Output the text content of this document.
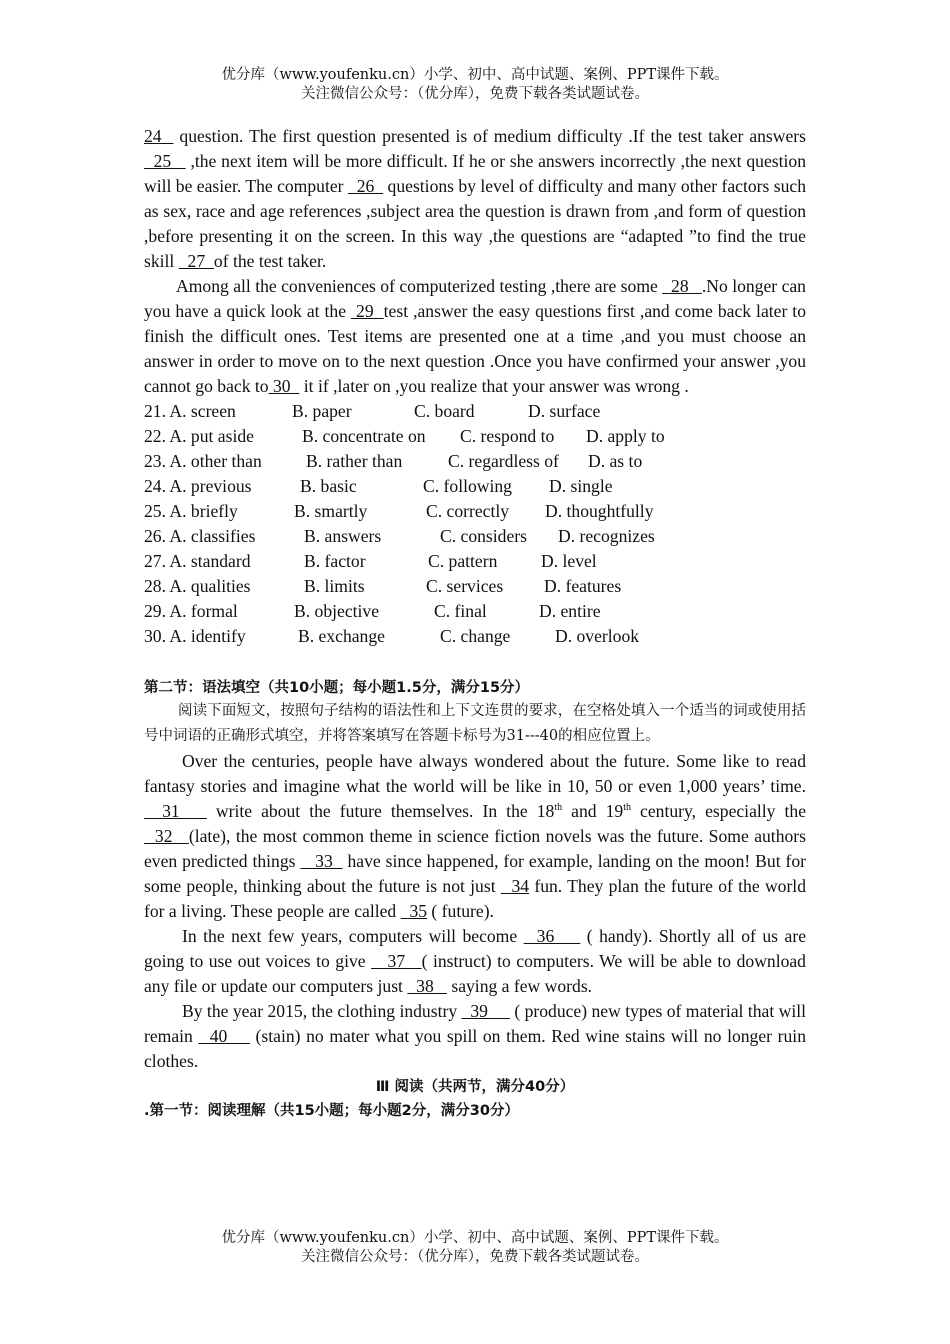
优分库（www.youfenku.cn）小学、初中、高中试题、案例、PPT课件下载。
关注微信公众号：（优分库），免费下载各类试题试卷。

24   question. The first question presented is of medium difficulty .If the test taker answers   25    ,the next item will be more difficult. If he or she answers incorrectly ,the next question will be easier. The computer   26   questions by level of difficulty and many other factors such as sex, race and age references ,subject area the question is drawn from ,and form of question ,before presenting it on the screen. In this way ,the questions are “adapted ”to find the true skill   27  of the test taker.

Among all the conveniences of computerized testing ,there are some   28   .No longer can you have a quick look at the  29  test ,answer the easy questions first ,and come back later to finish the difficult ones. Test items are presented one at a time ,and you must choose an answer in order to move on to the next question .Once you have confirmed your answer ,you cannot go back to 30   it if ,later on ,you realize that your answer was wrong .

21. A. screen	B. paper	C. board	D. surface
22. A. put aside	B. concentrate on C. respond to D. apply to
23. A. other than	B. rather than	C. regardless of D. as to
24. A. previous	B. basic	C. following D. single
25. A. briefly	B. smartly	C. correctly D. thoughtfully
26. A. classifies	B. answers	C. considers D. recognizes
27. A. standard	B. factor	C. pattern D. level
28. A. qualities	B. limits	C. services D. features
29. A. formal	B. objective	C. final	D. entire
30. A. identify	B. exchange	C. change	D. overlook
第二节：语法填空（共10小题；每小题1.5分，满分15分）

阅读下面短文，按照句子结构的语法性和上下文连贯的要求，在空格处填入一个适当的词或使用括号中词语的正确形式填空，并将答案填写在答题卡标号为31---40的相应位置上。

Over the centuries, people have always wondered about the future. Some like to read fantasy stories and imagine what the world will be like in 10, 50 or even 1,000 years’ time.   31    write about the future themselves. In the 18th and 19th century, especially the   32   (late), the most common theme in science fiction novels was the future. Some authors even predicted things    33   have since happened, for example, landing on the moon! But for some people, thinking about the future is not just   34 fun. They plan the future of the world for a living. These people are called   35 ( future).

In the next few years, computers will become   36     ( handy). Shortly all of us are going to use out voices to give    37   ( instruct) to computers. We will be able to download any file or update our computers just   38    saying a few words.

By the year 2015, the clothing industry   39      ( produce) new types of material that will remain   40     (stain) no mater what you spill on them. Red wine stains will no longer ruin clothes.

Ⅲ 阅读（共两节，满分40分）
.第一节：阅读理解（共15小题；每小题2分，满分30分）
优分库（www.youfenku.cn）小学、初中、高中试题、案例、PPT课件下载。
关注微信公众号：（优分库），免费下载各类试题试卷。
